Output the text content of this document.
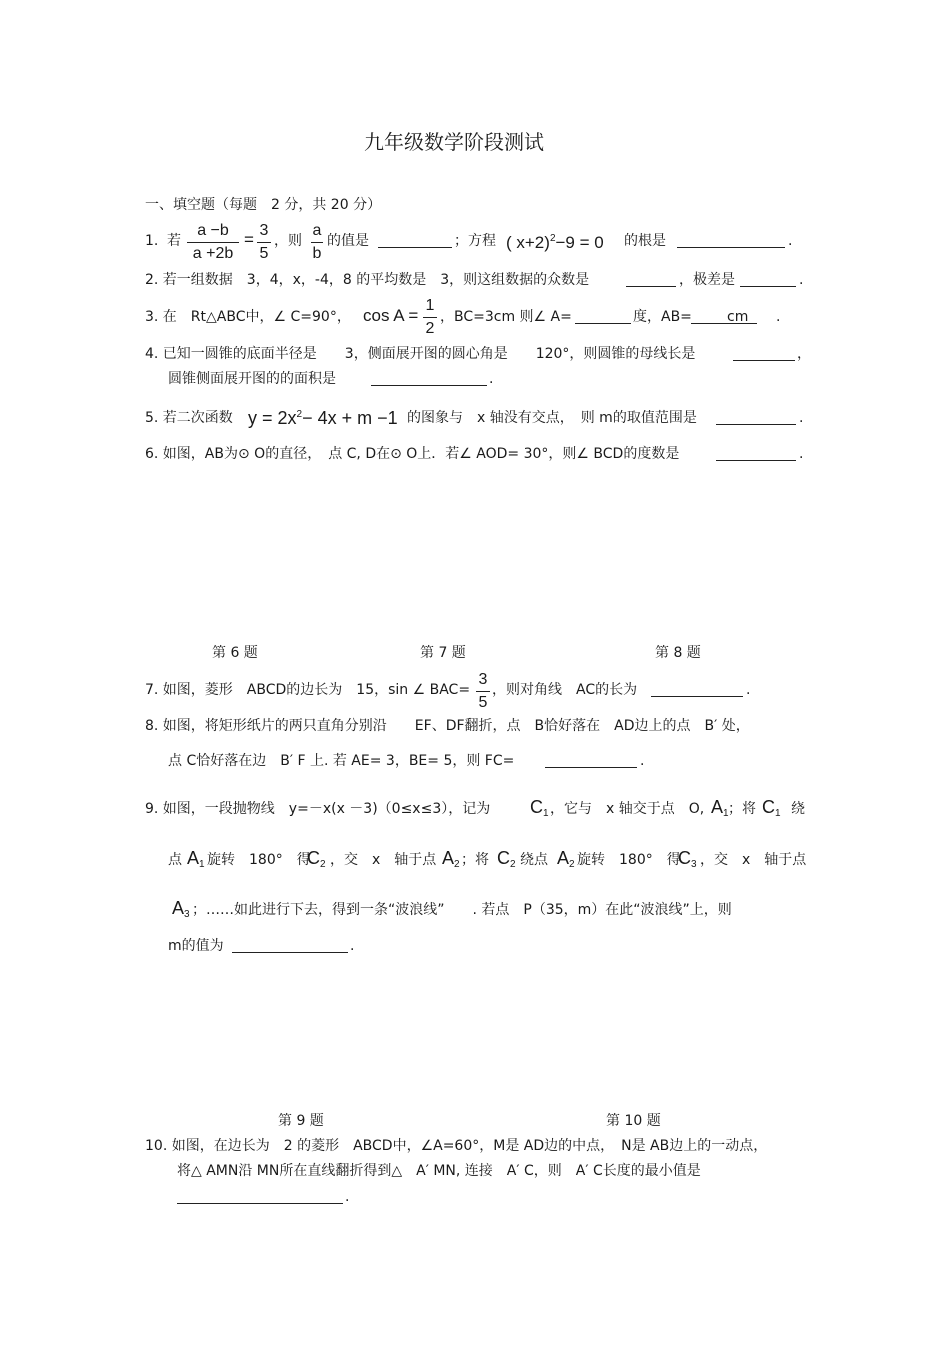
九年级数学阶段测试
一、填空题（每题　2 分，共 20 分）
1. 若
a −b
a +2b
= 3
5
，则
a
b
的值是	；方程 ( x+2)$^2$−9 = 0 的根是	.
2. 若一组数据　3，4，x，-4，8 的平均数是　3，则这组数据的众数是	，极差是	.
3. 在　Rt△ABC中，∠ C=90°， cos A =
1
2
，BC=3cm 则∠ A=	度，AB=	cm .
4. 已知一圆锥的底面半径是　　3，侧面展开图的圆心角是　　120°，则圆锥的母线长是	，
圆锥侧面展开图的的面积是	.
5. 若二次函数 $y = 2x^2- 4x + m -1$ 的图象与　x 轴没有交点，　则 m的取值范围是	.
6. 如图，AB为⊙ O的直径，　点 C, D在⊙ O上．若∠ AOD= 30°，则∠ BCD的度数是	.
第 6 题	第 7 题	第 8 题
7. 如图，菱形　ABCD的边长为　15，sin ∠ BAC=
3
5
，则对角线　AC的长为	.
8. 如图，将矩形纸片的两只直角分别沿　　EF、DF翻折，点　B恰好落在　AD边上的点　B′ 处，
点 C恰好落在边　B′ F 上. 若 AE= 3，BE= 5，则 FC=	.
9. 如图，一段抛物线　y=－x(x －3)（0≤x≤3），记为 $C_1$ ，它与　x 轴交于点　O, $A_1$ ；将 $C_1$ 绕
点 $A_1$ 旋转　180°　得
$C_2$ ，交　x　轴于点 $A_2$ ；将 $C_2$ 绕点 $A_2$ 旋转　180°　得
$C_3$ ，交　x　轴于点
$A_3$ ；……如此进行下去，得到一条“波浪线”　　. 若点　P（35，m）在此“波浪线”上，则
m的值为	.
第 9 题	第 10 题
10. 如图，在边长为　2 的菱形　ABCD中，∠A=60°，M是 AD边的中点，　N是 AB边上的一动点，
将△ AMN沿 MN所在直线翻折得到△　A′ MN, 连接　A′ C，则　A′ C长度的最小值是
.
